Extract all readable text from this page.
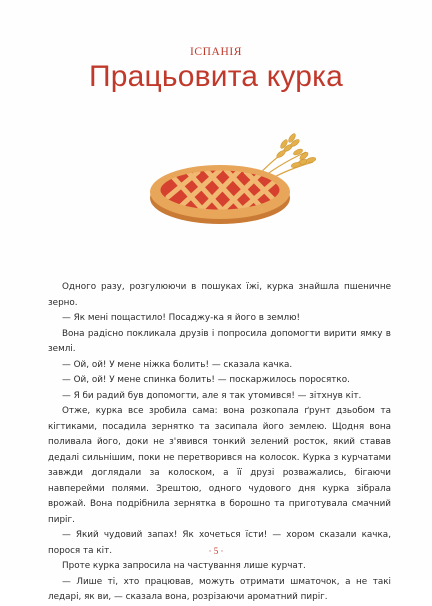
ІСПАНІЯ
Працьовита курка

Одного разу, розгулюючи в пошуках їжі, курка знайшла пшеничне зерно.

— Як мені пощастило! Посаджу-ка я його в землю!

Вона радісно покликала друзів і попросила допомогти вирити ямку в землі.

— Ой, ой! У мене ніжка болить! — сказала качка.

— Ой, ой! У мене спинка болить! — поскаржилось поросятко.

— Я би радий був допомогти, але я так утомився! — зітхнув кіт.

Отже, курка все зробила сама: вона розкопала ґрунт дзьобом та кігтиками, посадила зернятко та засипала його землею. Щодня вона поливала його, доки не з'явився тонкий зелений росток, який ставав дедалі сильнішим, поки не перетворився на колосок. Курка з курчатами завжди доглядали за колоском, а її друзі розважались, бігаючи навперейми полями. Зрештою, одного чудового дня курка зібрала врожай. Вона подрібнила зернятка в борошно та приготувала смачний пиріг.

— Який чудовий запах! Як хочеться їсти! — хором сказали качка, порося та кіт.

Проте курка запросила на частування лише курчат.

— Лише ті, хто працював, можуть отримати шматочок, а не такі ледарі, як ви, — сказала вона, розрізаючи ароматний пиріг.

· 5 ·
